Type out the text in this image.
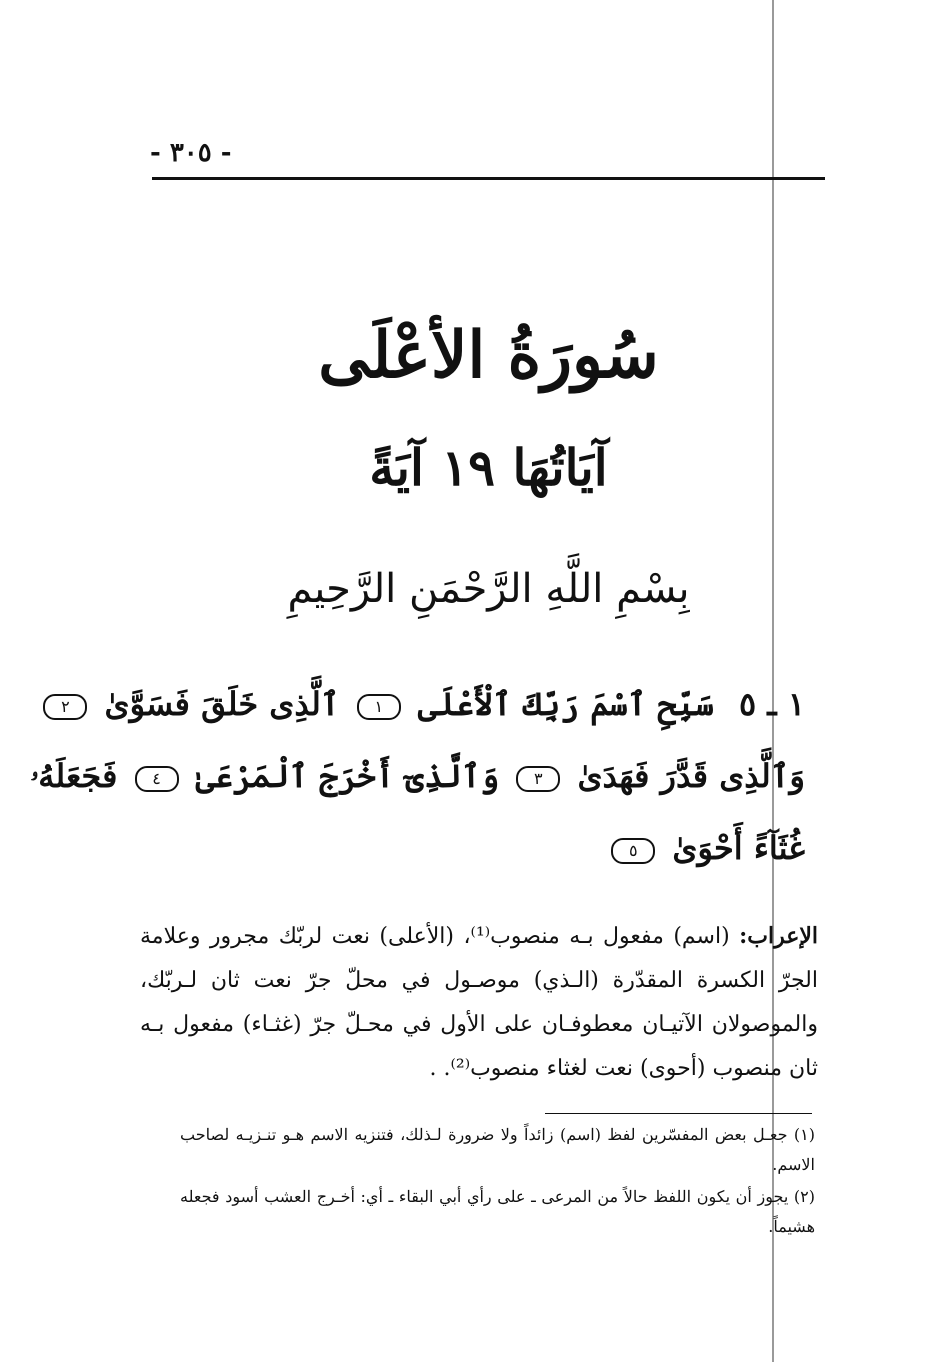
- ٣٠٥ -
سُورَةُ الأعْلَى
آيَاتُهَا ١٩ آيَةً
بِسْمِ اللَّهِ الرَّحْمَنِ الرَّحِيمِ
١ ـ ٥ سَبِّحِ ٱسْمَ رَبِّكَ ٱلْأَعْلَى ١ ٱلَّذِى خَلَقَ فَسَوَّىٰ ٢
وَٱلَّذِى قَدَّرَ فَهَدَىٰ ٣ وَٱلَّذِىٓ أَخْرَجَ ٱلْمَرْعَىٰ ٤ فَجَعَلَهُۥ
غُثَآءً أَحْوَىٰ ٥
الإعراب: (اسم) مفعول بـه منصوب⁽¹⁾، (الأعلى) نعت لربّك مجرور وعلامة الجرّ الكسرة المقدّرة (الـذي) موصـول في محلّ جرّ نعت ثان لـربّك، والموصولان الآتيـان معطوفـان على الأول في محـلّ جرّ (غثـاء) مفعول بـه ثان منصوب (أحوى) نعت لغثاء منصوب⁽²⁾. .
(١) جعـل بعض المفسّرين لفظ (اسم) زائداً ولا ضرورة لـذلك، فتنزيه الاسم هـو تنـزيـه لصاحب الاسم.
(٢) يجوز أن يكون اللفظ حالاً من المرعى ـ على رأي أبي البقاء ـ أي: أخـرج العشب أسود فجعله هشيماً.
